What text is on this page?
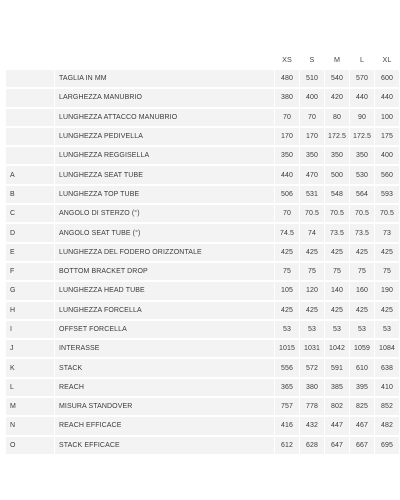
		XS	S	M	L	XL
	TAGLIA IN MM	480	510	540	570	600
	LARGHEZZA MANUBRIO	380	400	420	440	440
	LUNGHEZZA ATTACCO MANUBRIO	70	70	80	90	100
	LUNGHEZZA PEDIVELLA	170	170	172.5	172.5	175
	LUNGHEZZA REGGISELLA	350	350	350	350	400
A	LUNGHEZZA SEAT TUBE	440	470	500	530	560
B	LUNGHEZZA TOP TUBE	506	531	548	564	593
C	ANGOLO DI STERZO (°)	70	70.5	70.5	70.5	70.5
D	ANGOLO SEAT TUBE (°)	74.5	74	73.5	73.5	73
E	LUNGHEZZA DEL FODERO ORIZZONTALE	425	425	425	425	425
F	BOTTOM BRACKET DROP	75	75	75	75	75
G	LUNGHEZZA HEAD TUBE	105	120	140	160	190
H	LUNGHEZZA FORCELLA	425	425	425	425	425
I	OFFSET FORCELLA	53	53	53	53	53
J	INTERASSE	1015	1031	1042	1059	1084
K	STACK	556	572	591	610	638
L	REACH	365	380	385	395	410
M	MISURA STANDOVER	757	778	802	825	852
N	REACH EFFICACE	416	432	447	467	482
O	STACK EFFICACE	612	628	647	667	695
